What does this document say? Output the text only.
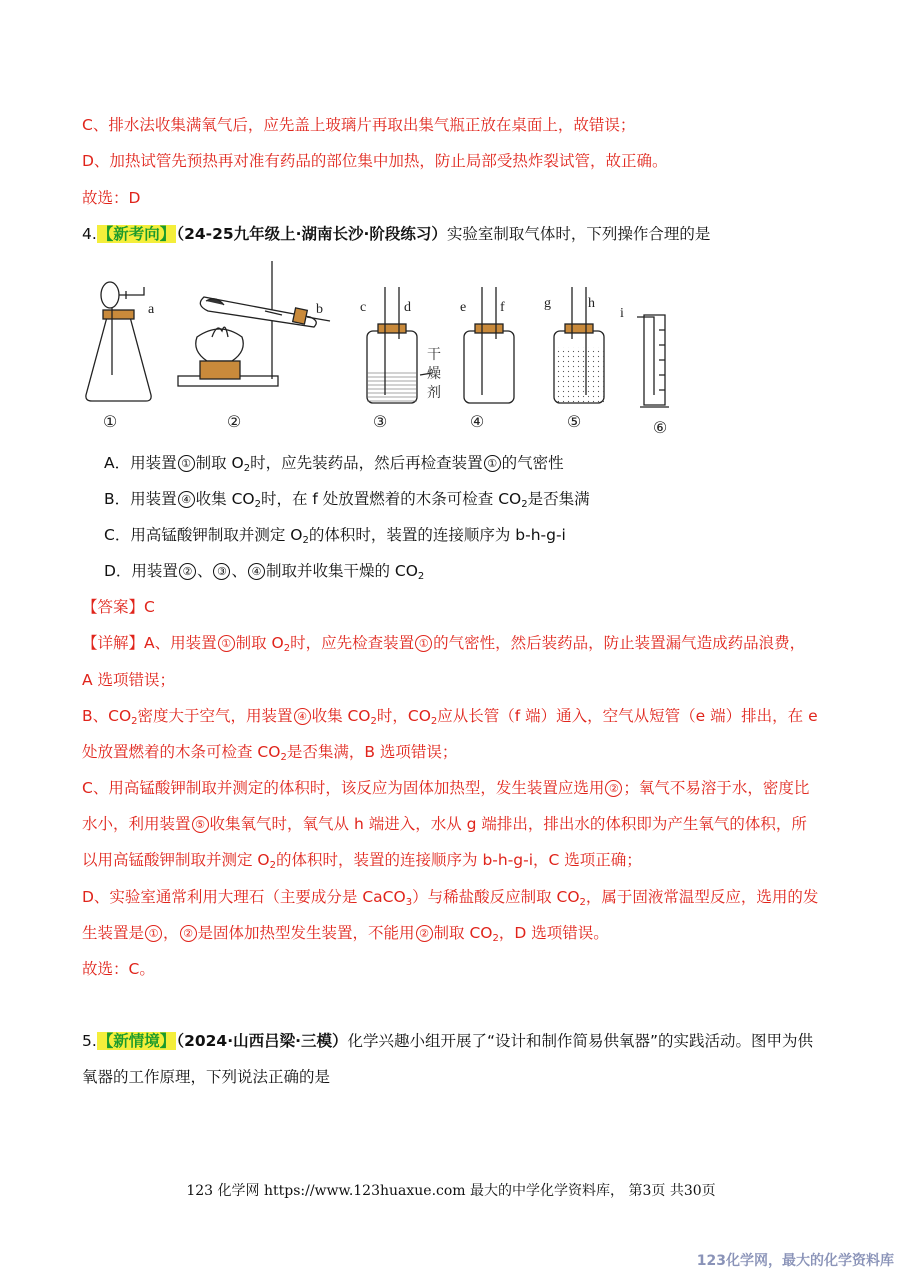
C、排水法收集满氧气后，应先盖上玻璃片再取出集气瓶正放在桌面上，故错误；
D、加热试管先预热再对准有药品的部位集中加热，防止局部受热炸裂试管，故正确。
故选：D
4.【新考向】（24-25九年级上·湖南长沙·阶段练习）实验室制取气体时，下列操作合理的是
a	b	c	d	e f	g	h
i
干
燥
剂
①	②	③	④	⑤	⑥
A．用装置 ① 制取 $O_2$时，应先装药品，然后再检查装置 ① 的气密性
B．用装置 ④ 收集 $CO_2$时，在 f 处放置燃着的木条可检查 $CO_2$是否集满
C．用高锰酸钾制取并测定 $O_2$的体积时，装置的连接顺序为 b-h-g-i
D．用装置 ② 、 ③ 、 ④ 制取并收集干燥的 $CO_2$
【答案】C
【详解】A、用装置 ① 制取 $O_2$时，应先检查装置 ① 的气密性，然后装药品，防止装置漏气造成药品浪费，
A 选项错误；
B、$CO_2$密度大于空气，用装置 ④ 收集 $CO_2$时，$CO_2$应从长管（f 端）通入，空气从短管（e 端）排出，在 e
处放置燃着的木条可检查 $CO_2$是否集满，B 选项错误；
C、用高锰酸钾制取并测定的体积时，该反应为固体加热型，发生装置应选用 ② ；氧气不易溶于水，密度比
水小，利用装置 ⑤ 收集氧气时，氧气从 h 端进入，水从 g 端排出，排出水的体积即为产生氧气的体积，所
以用高锰酸钾制取并测定 $O_2$的体积时，装置的连接顺序为 b-h-g-i，C 选项正确；
D、实验室通常利用大理石（主要成分是 CaCO$_3$）与稀盐酸反应制取 $CO_2$，属于固液常温型反应，选用的发
生装置是 ① ， ② 是固体加热型发生装置，不能用 ② 制取 $CO_2$，D 选项错误。
故选：C。
5.【新情境】（2024·山西吕梁·三模）化学兴趣小组开展了“设计和制作简易供氧器”的实践活动。图甲为供
氧器的工作原理，下列说法正确的是
123 化学网 https://www.123huaxue.com 最大的中学化学资料库， 第3页 共30页
123化学网，最大的化学资料库
